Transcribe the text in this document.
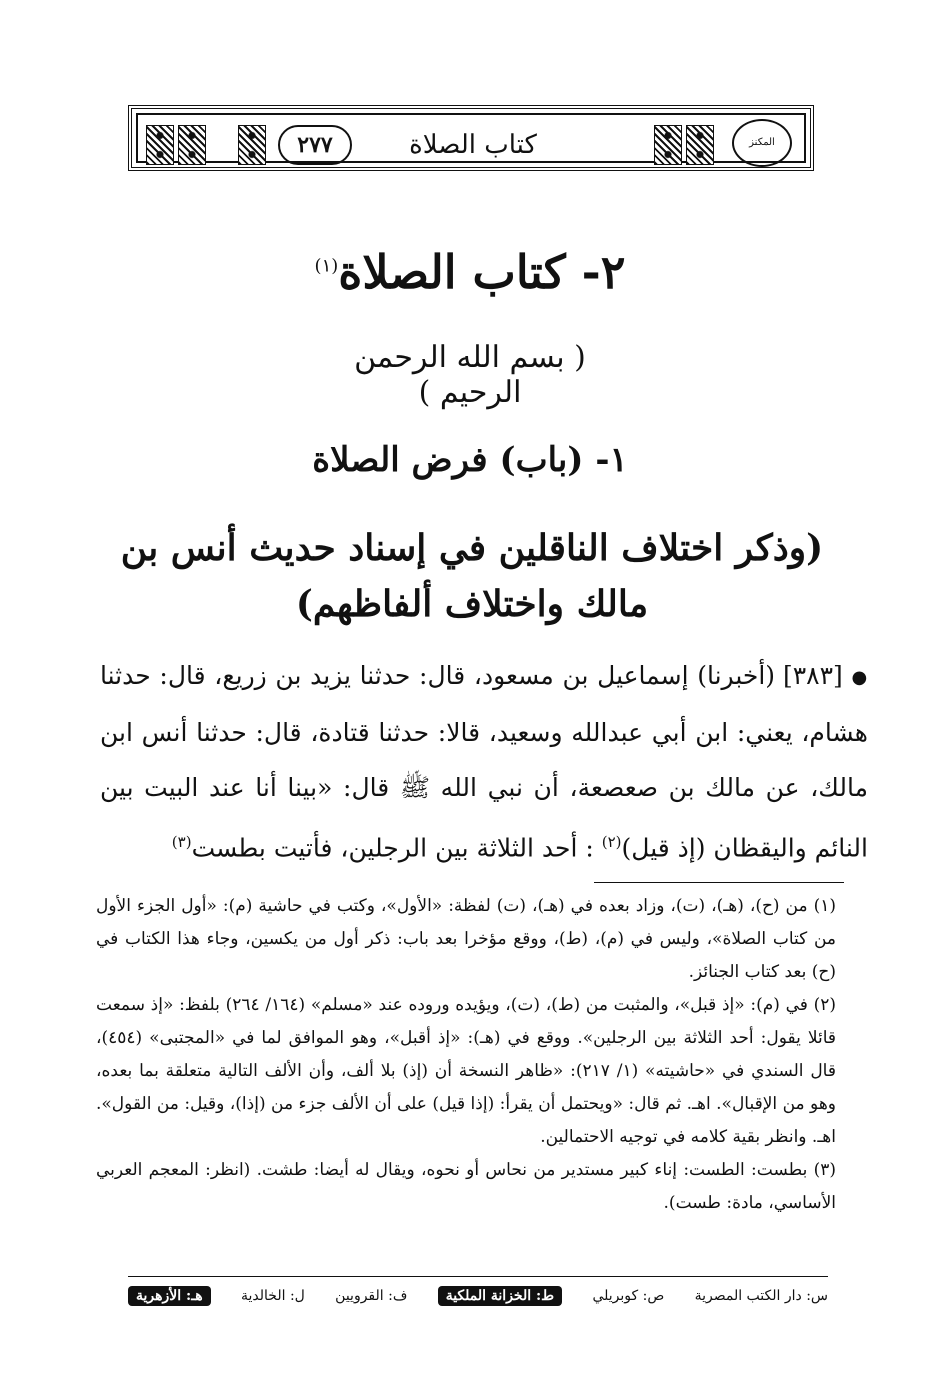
المكنز
كتاب الصلاة
٢٧٧
٢- كتاب الصلاة$^{(١)}$
( بسم الله الرحمن الرحيم )
١- (باب) فرض الصلاة
(وذكر اختلاف الناقلين في إسناد حديث أنس بن مالك واختلاف ألفاظهم)
● [٣٨٣] (أخبرنا) إسماعيل بن مسعود، قال: حدثنا يزيد بن زريع، قال: حدثنا هشام، يعني: ابن أبي عبدالله وسعيد، قالا: حدثنا قتادة، قال: حدثنا أنس ابن مالك، عن مالك بن صعصعة، أن نبي الله ﷺ قال: «بينا أنا عند البيت بين النائم واليقظان (إذ قيل)$^{(٢)}$ : أحد الثلاثة بين الرجلين، فأتيت بطست$^{(٣)}$

(١) من (ح)، (هـ)، (ت)، وزاد بعده في (هـ)، (ت) لفظة: «الأول»، وكتب في حاشية (م): «أول الجزء الأول من كتاب الصلاة»، وليس في (م)، (ط)، ووقع مؤخرا بعد باب: ذكر أول من يكسين، وجاء هذا الكتاب في (ح) بعد كتاب الجنائز.

(٢) في (م): «إذ قبل»، والمثبت من (ط)، (ت)، ويؤيده وروده عند «مسلم» (١٦٤/ ٢٦٤) بلفظ: «إذ سمعت قائلا يقول: أحد الثلاثة بين الرجلين». ووقع في (هـ): «إذ أقبل»، وهو الموافق لما في «المجتبى» (٤٥٤)، قال السندي في «حاشيته» (١/ ٢١٧): «ظاهر النسخة أن (إذ) بلا ألف، وأن الألف التالية متعلقة بما بعده، وهو من الإقبال». اهـ. ثم قال: «ويحتمل أن يقرأ: (إذا قيل) على أن الألف جزء من (إذا)، وقيل: من القول». اهـ. وانظر بقية كلامه في توجيه الاحتمالين.

(٣) بطست: الطست: إناء كبير مستدير من نحاس أو نحوه، ويقال له أيضا: طشت. (انظر: المعجم العربي الأساسي، مادة: طست).

س: دار الكتب المصرية
ص: كوبريلي
ط: الخزانة الملكية
ف: القرويين
ل: الخالدية
هـ: الأزهرية
